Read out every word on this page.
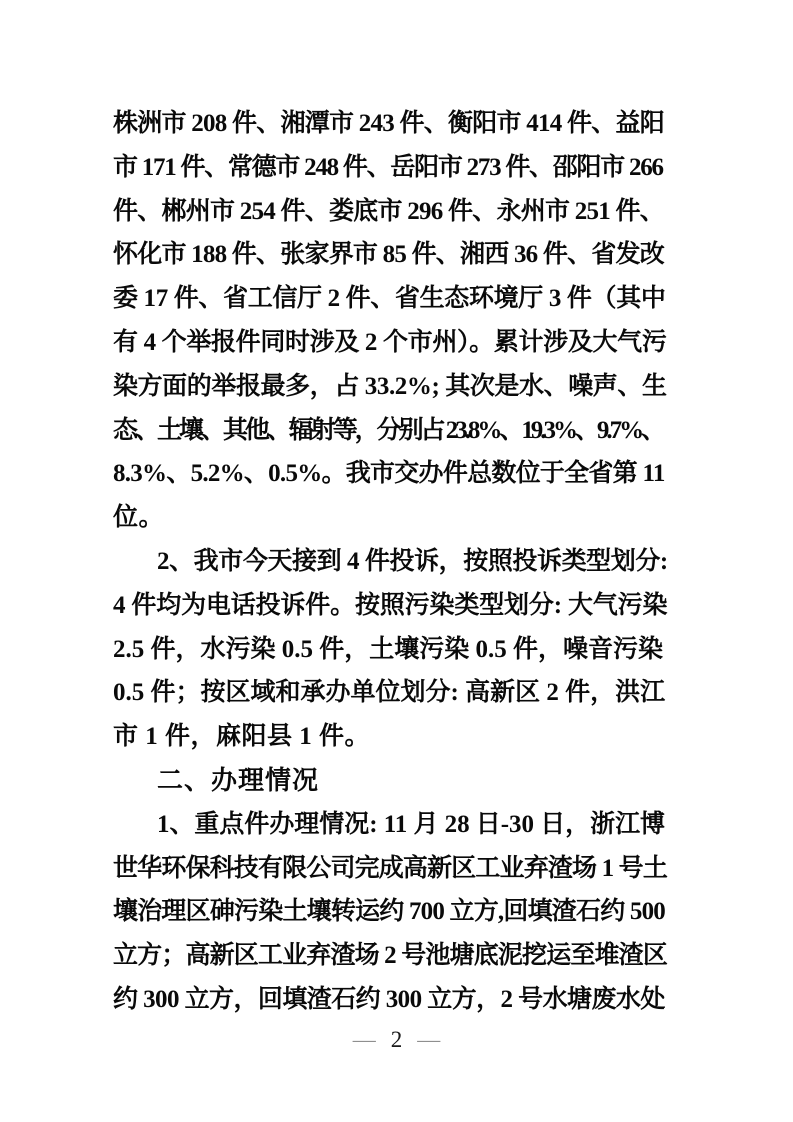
株洲市 208 件、湘潭市 243 件、衡阳市 414 件、益阳
市 171 件、常德市 248 件、岳阳市 273 件、邵阳市 266
件、郴州市 254 件、娄底市 296 件、永州市 251 件、
怀化市 188 件、张家界市 85 件、湘西 36 件、省发改
委 17 件、省工信厅 2 件、省生态环境厅 3 件（其中
有 4 个举报件同时涉及 2 个市州）。累计涉及大气污
染方面的举报最多，占 33.2%; 其次是水、噪声、生
态、土壤、其他、辐射等，分别占 23.8%、19.3%、9.7%、
8.3%、5.2%、0.5%。我市交办件总数位于全省第 11
位。
2、我市今天接到 4 件投诉，按照投诉类型划分:
4 件均为电话投诉件。按照污染类型划分: 大气污染
2.5 件，水污染 0.5 件，土壤污染 0.5 件，噪音污染
0.5 件；按区域和承办单位划分: 高新区 2 件，洪江
市 1 件，麻阳县 1 件。
二、办理情况
1、重点件办理情况: 11 月 28 日-30 日，浙江博
世华环保科技有限公司完成高新区工业弃渣场 1 号土
壤治理区砷污染土壤转运约 700 立方,回填渣石约 500
立方；高新区工业弃渣场 2 号池塘底泥挖运至堆渣区
约 300 立方，回填渣石约 300 立方，2 号水塘废水处
— 2 —
